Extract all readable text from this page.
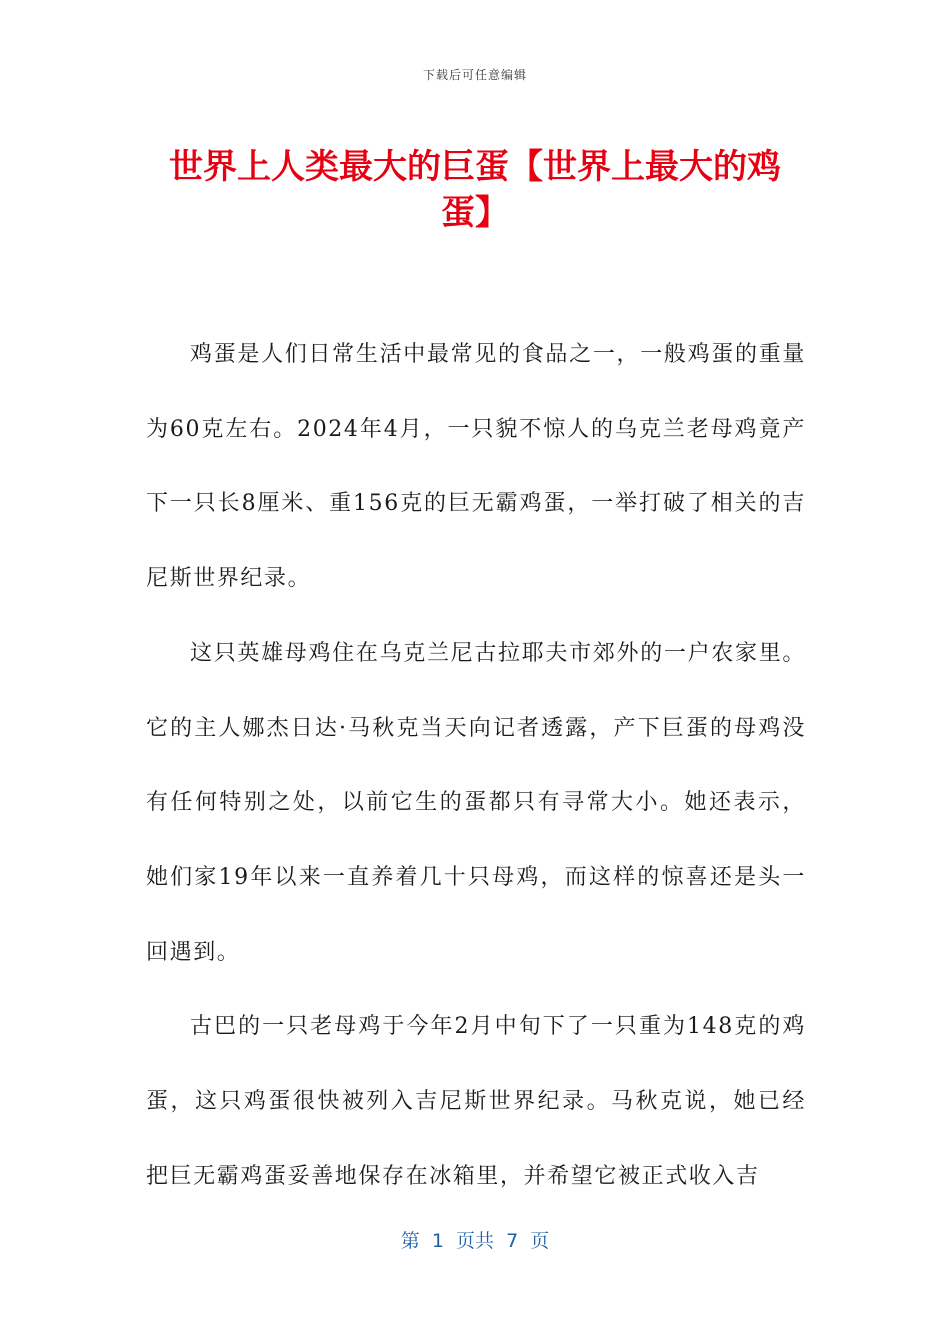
下载后可任意编辑
世界上人类最大的巨蛋【世界上最大的鸡蛋】

鸡蛋是人们日常生活中最常见的食品之一，一般鸡蛋的重量为60克左右。2024年4月，一只貌不惊人的乌克兰老母鸡竟产下一只长8厘米、重156克的巨无霸鸡蛋，一举打破了相关的吉尼斯世界纪录。

这只英雄母鸡住在乌克兰尼古拉耶夫市郊外的一户农家里。它的主人娜杰日达·马秋克当天向记者透露，产下巨蛋的母鸡没有任何特别之处，以前它生的蛋都只有寻常大小。她还表示，她们家19年以来一直养着几十只母鸡，而这样的惊喜还是头一回遇到。

古巴的一只老母鸡于今年2月中旬下了一只重为148克的鸡蛋，这只鸡蛋很快被列入吉尼斯世界纪录。马秋克说，她已经把巨无霸鸡蛋妥善地保存在冰箱里，并希望它被正式收入吉

第  1  页共  7  页
